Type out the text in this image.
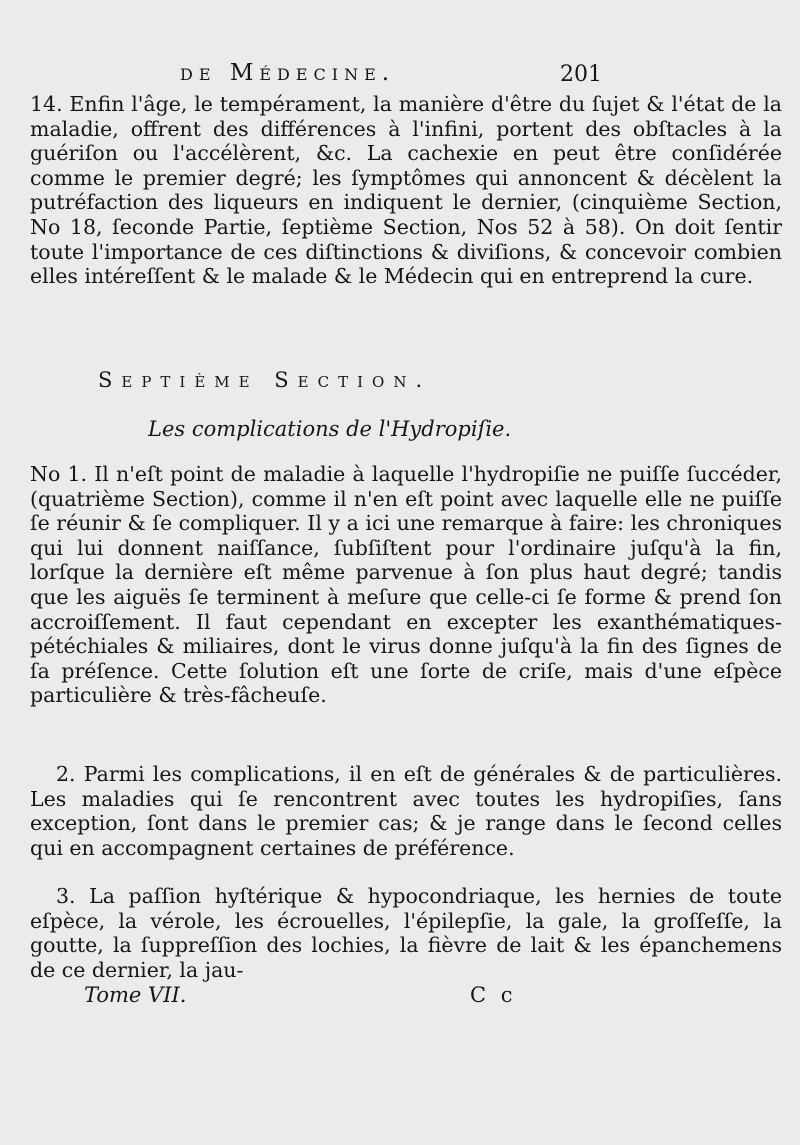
de Médecine.	201

14. Enfin l'âge, le tempérament, la manière d'être du ſujet & l'état de la maladie, offrent des différences à l'infini, portent des obſtacles à la guériſon ou l'accélèrent, &c. La cachexie en peut être conſidérée comme le premier degré; les ſymptômes qui annoncent & décèlent la putréfaction des liqueurs en indiquent le dernier, (cinquième Section, No 18, ſeconde Partie, ſeptième Section, Nos 52 à 58). On doit ſentir toute l'importance de ces diſtinctions & diviſions, & concevoir combien elles intéreſſent & le malade & le Médecin qui en entreprend la cure.

Septième Section.
Les complications de l'Hydropiſie.

No 1. Il n'eſt point de maladie à laquelle l'hydropiſie ne puiſſe ſuccéder, (quatrième Section), comme il n'en eſt point avec laquelle elle ne puiſſe ſe réunir & ſe compliquer. Il y a ici une remarque à faire: les chroniques qui lui donnent naiſſance, ſubſiſtent pour l'ordinaire juſqu'à la fin, lorſque la dernière eſt même parvenue à ſon plus haut degré; tandis que les aiguës ſe terminent à meſure que celle-ci ſe forme & prend ſon accroiſſement. Il faut cependant en excepter les exanthématiques-pétéchiales & miliaires, dont le virus donne juſqu'à la fin des ſignes de ſa préſence. Cette ſolution eſt une ſorte de criſe, mais d'une eſpèce particulière & très-fâcheuſe.

2. Parmi les complications, il en eſt de générales & de particulières. Les maladies qui ſe rencontrent avec toutes les hydropiſies, ſans exception, ſont dans le premier cas; & je range dans le ſecond celles qui en accompagnent certaines de préférence.

3. La paſſion hyſtérique & hypocondriaque, les hernies de toute eſpèce, la vérole, les écrouelles, l'épilepſie, la gale, la groſſeſſe, la goutte, la ſuppreſſion des lochies, la fièvre de lait & les épanchemens de ce dernier, la jau-

Tome VII.	C c
